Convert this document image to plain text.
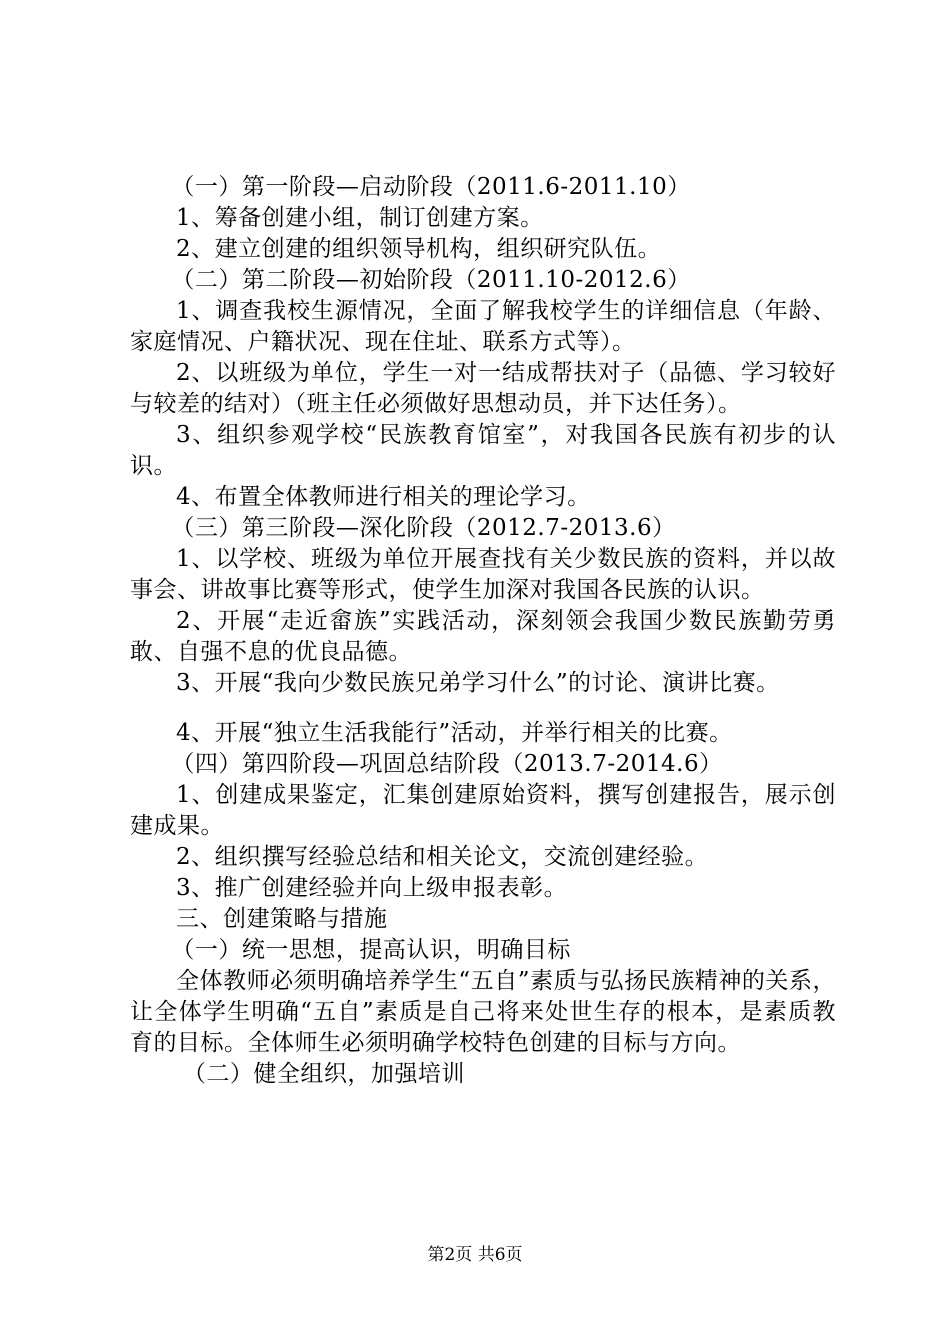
（一）第一阶段—启动阶段（2011.6-2011.10）

1、筹备创建小组，制订创建方案。

2、建立创建的组织领导机构，组织研究队伍。

（二）第二阶段—初始阶段（2011.10-2012.6）

1、调查我校生源情况，全面了解我校学生的详细信息（年龄、家庭情况、户籍状况、现在住址、联系方式等）。

2、以班级为单位，学生一对一结成帮扶对子（品德、学习较好与较差的结对）（班主任必须做好思想动员，并下达任务）。

3、组织参观学校“民族教育馆室”，对我国各民族有初步的认识。

4、布置全体教师进行相关的理论学习。

（三）第三阶段—深化阶段（2012.7-2013.6）

1、以学校、班级为单位开展查找有关少数民族的资料，并以故事会、讲故事比赛等形式，使学生加深对我国各民族的认识。

2、开展“走近畲族”实践活动，深刻领会我国少数民族勤劳勇敢、自强不息的优良品德。

3、开展“我向少数民族兄弟学习什么”的讨论、演讲比赛。

4、开展“独立生活我能行”活动，并举行相关的比赛。

（四）第四阶段—巩固总结阶段（2013.7-2014.6）

1、创建成果鉴定，汇集创建原始资料，撰写创建报告，展示创建成果。

2、组织撰写经验总结和相关论文，交流创建经验。

3、推广创建经验并向上级申报表彰。

三、创建策略与措施

（一）统一思想，提高认识，明确目标

全体教师必须明确培养学生“五自”素质与弘扬民族精神的关系，让全体学生明确“五自”素质是自己将来处世生存的根本，是素质教育的目标。全体师生必须明确学校特色创建的目标与方向。

（二）健全组织，加强培训

第2页 共6页
